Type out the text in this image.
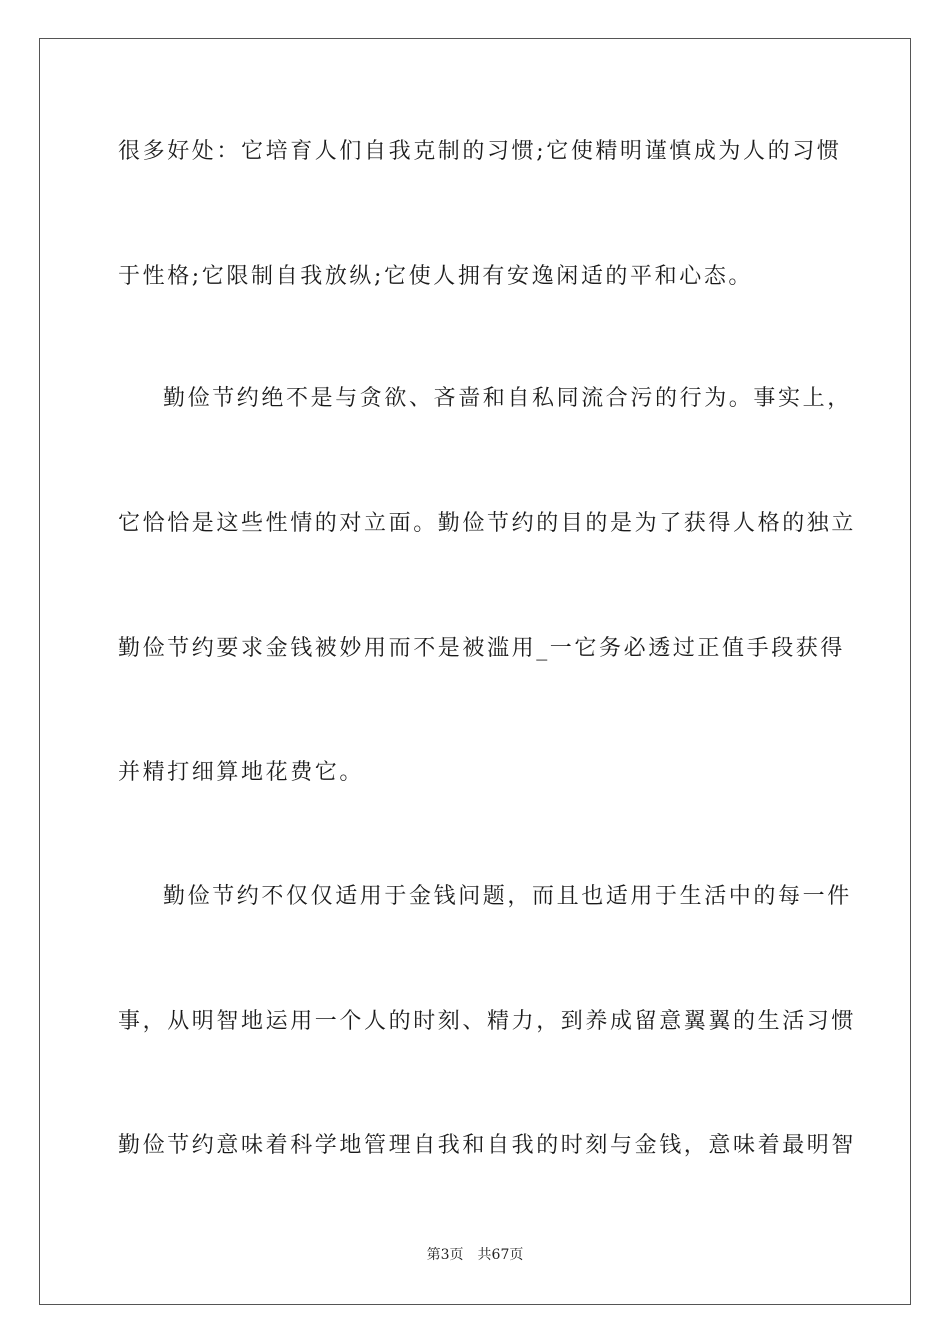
很多好处：它培育人们自我克制的习惯;它使精明谨慎成为人的习惯
于性格;它限制自我放纵;它使人拥有安逸闲适的平和心态。
勤俭节约绝不是与贪欲、吝啬和自私同流合污的行为。事实上，
它恰恰是这些性情的对立面。勤俭节约的目的是为了获得人格的独立
勤俭节约要求金钱被妙用而不是被滥用_一它务必透过正值手段获得
并精打细算地花费它。
勤俭节约不仅仅适用于金钱问题，而且也适用于生活中的每一件
事，从明智地运用一个人的时刻、精力，到养成留意翼翼的生活习惯
勤俭节约意味着科学地管理自我和自我的时刻与金钱，意味着最明智
第3页 共67页
